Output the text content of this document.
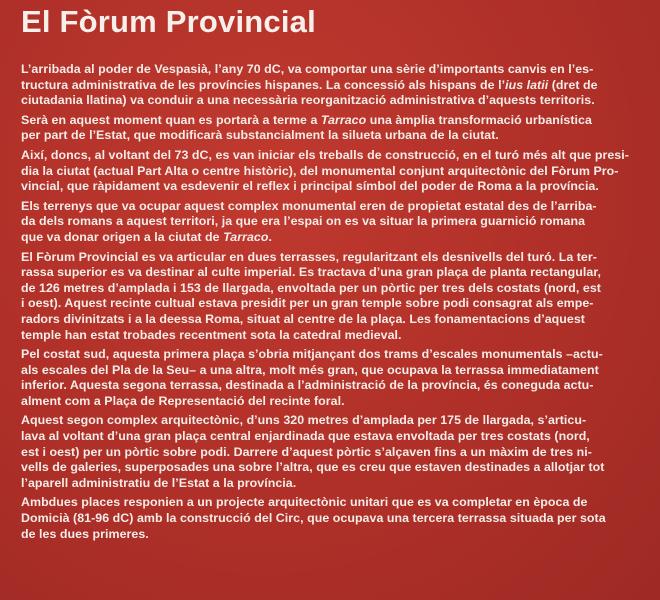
El Fòrum Provincial
L’arribada al poder de Vespasià, l’any 70 dC, va comportar una sèrie d’importants canvis en l’es-
tructura administrativa de les províncies hispanes. La concessió als hispans de l’ius latii (dret de
ciutadania llatina) va conduir a una necessària reorganització administrativa d’aquests territoris.
Serà en aquest moment quan es portarà a terme a Tarraco una àmplia transformació urbanística
per part de l’Estat, que modificarà substancialment la silueta urbana de la ciutat.
Així, doncs, al voltant del 73 dC, es van iniciar els treballs de construcció, en el turó més alt que presi-
dia la ciutat (actual Part Alta o centre històric), del monumental conjunt arquitectònic del Fòrum Pro-
vincial, que ràpidament va esdevenir el reflex i principal símbol del poder de Roma a la província.
Els terrenys que va ocupar aquest complex monumental eren de propietat estatal des de l’arriba-
da dels romans a aquest territori, ja que era l’espai on es va situar la primera guarnició romana
que va donar origen a la ciutat de Tarraco.
El Fòrum Provincial es va articular en dues terrasses, regularitzant els desnivells del turó. La ter-
rassa superior es va destinar al culte imperial. Es tractava d’una gran plaça de planta rectangular,
de 126 metres d’amplada i 153 de llargada, envoltada per un pòrtic per tres dels costats (nord, est
i oest). Aquest recinte cultual estava presidit per un gran temple sobre podi consagrat als empe-
radors divinitzats i a la deessa Roma, situat al centre de la plaça. Les fonamentacions d’aquest
temple han estat trobades recentment sota la catedral medieval.
Pel costat sud, aquesta primera plaça s’obria mitjançant dos trams d’escales monumentals –actu-
als escales del Pla de la Seu– a una altra, molt més gran, que ocupava la terrassa immediatament
inferior. Aquesta segona terrassa, destinada a l’administració de la província, és coneguda actu-
alment com a Plaça de Representació del recinte foral.
Aquest segon complex arquitectònic, d’uns 320 metres d’amplada per 175 de llargada, s’articu-
lava al voltant d’una gran plaça central enjardinada que estava envoltada per tres costats (nord,
est i oest) per un pòrtic sobre podi. Darrere d’aquest pòrtic s’alçaven fins a un màxim de tres ni-
vells de galeries, superposades una sobre l’altra, que es creu que estaven destinades a allotjar tot
l’aparell administratiu de l’Estat a la província.
Ambdues places responien a un projecte arquitectònic unitari que es va completar en època de
Domicià (81-96 dC) amb la construcció del Circ, que ocupava una tercera terrassa situada per sota
de les dues primeres.
